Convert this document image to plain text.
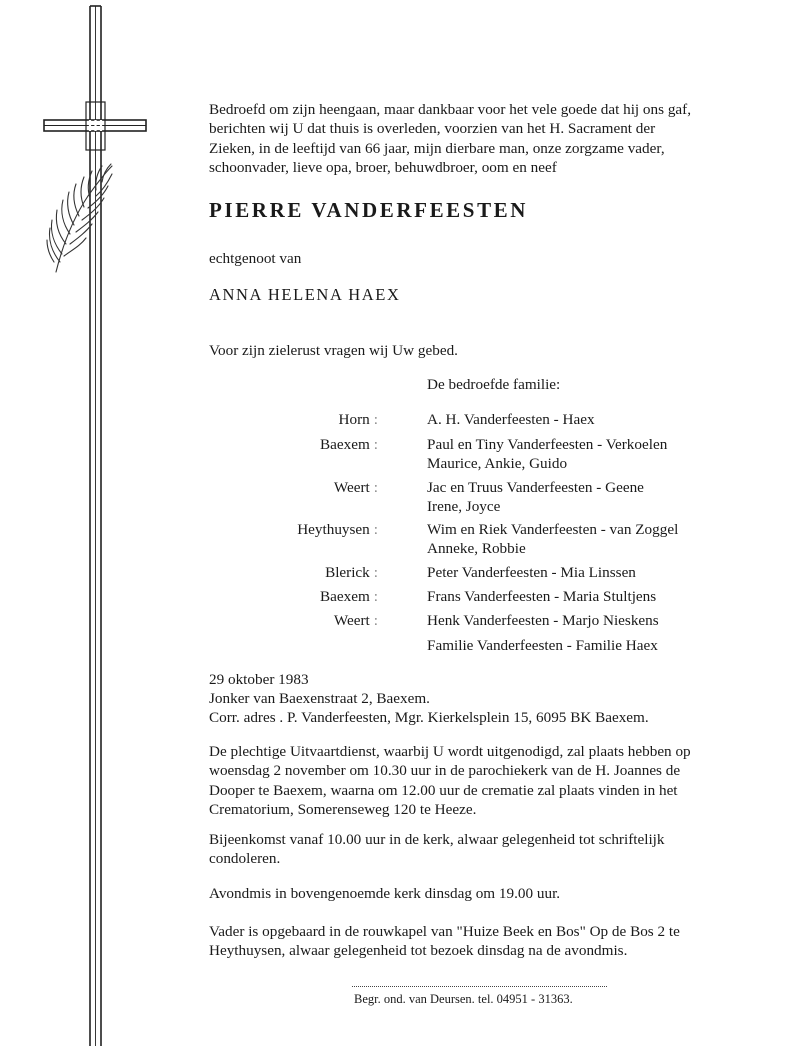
Bedroefd om zijn heengaan, maar dankbaar voor het vele goede dat hij ons gaf,
berichten wij U dat thuis is overleden, voorzien van het H. Sacrament der
Zieken, in de leeftijd van 66 jaar, mijn dierbare man, onze zorgzame vader,
schoonvader, lieve opa, broer, behuwdbroer, oom en neef
PIERRE VANDERFEESTEN
echtgenoot van
ANNA HELENA HAEX
Voor zijn zielerust vragen wij Uw gebed.
De bedroefde familie:
Horn :	A. H. Vanderfeesten - Haex
Baexem :	Paul en Tiny Vanderfeesten - Verkoelen
Maurice, Ankie, Guido
Weert :	Jac en Truus Vanderfeesten - Geene
Irene, Joyce
Heythuysen :	Wim en Riek Vanderfeesten - van Zoggel
Anneke, Robbie
Blerick :	Peter Vanderfeesten - Mia Linssen
Baexem :	Frans Vanderfeesten - Maria Stultjens
Weert :	Henk Vanderfeesten - Marjo Nieskens
Familie Vanderfeesten - Familie Haex
29 oktober 1983
Jonker van Baexenstraat 2, Baexem.
Corr. adres . P. Vanderfeesten, Mgr. Kierkelsplein 15, 6095 BK Baexem.
De plechtige Uitvaartdienst, waarbij U wordt uitgenodigd, zal plaats hebben op
woensdag 2 november om 10.30 uur in de parochiekerk van de H. Joannes de
Dooper te Baexem, waarna om 12.00 uur de crematie zal plaats vinden in het
Crematorium, Somerenseweg 120 te Heeze.
Bijeenkomst vanaf 10.00 uur in de kerk, alwaar gelegenheid tot schriftelijk
condoleren.
Avondmis in bovengenoemde kerk dinsdag om 19.00 uur.
Vader is opgebaard in de rouwkapel van "Huize Beek en Bos" Op de Bos 2 te
Heythuysen, alwaar gelegenheid tot bezoek dinsdag na de avondmis.
Begr. ond. van Deursen. tel. 04951 - 31363.
